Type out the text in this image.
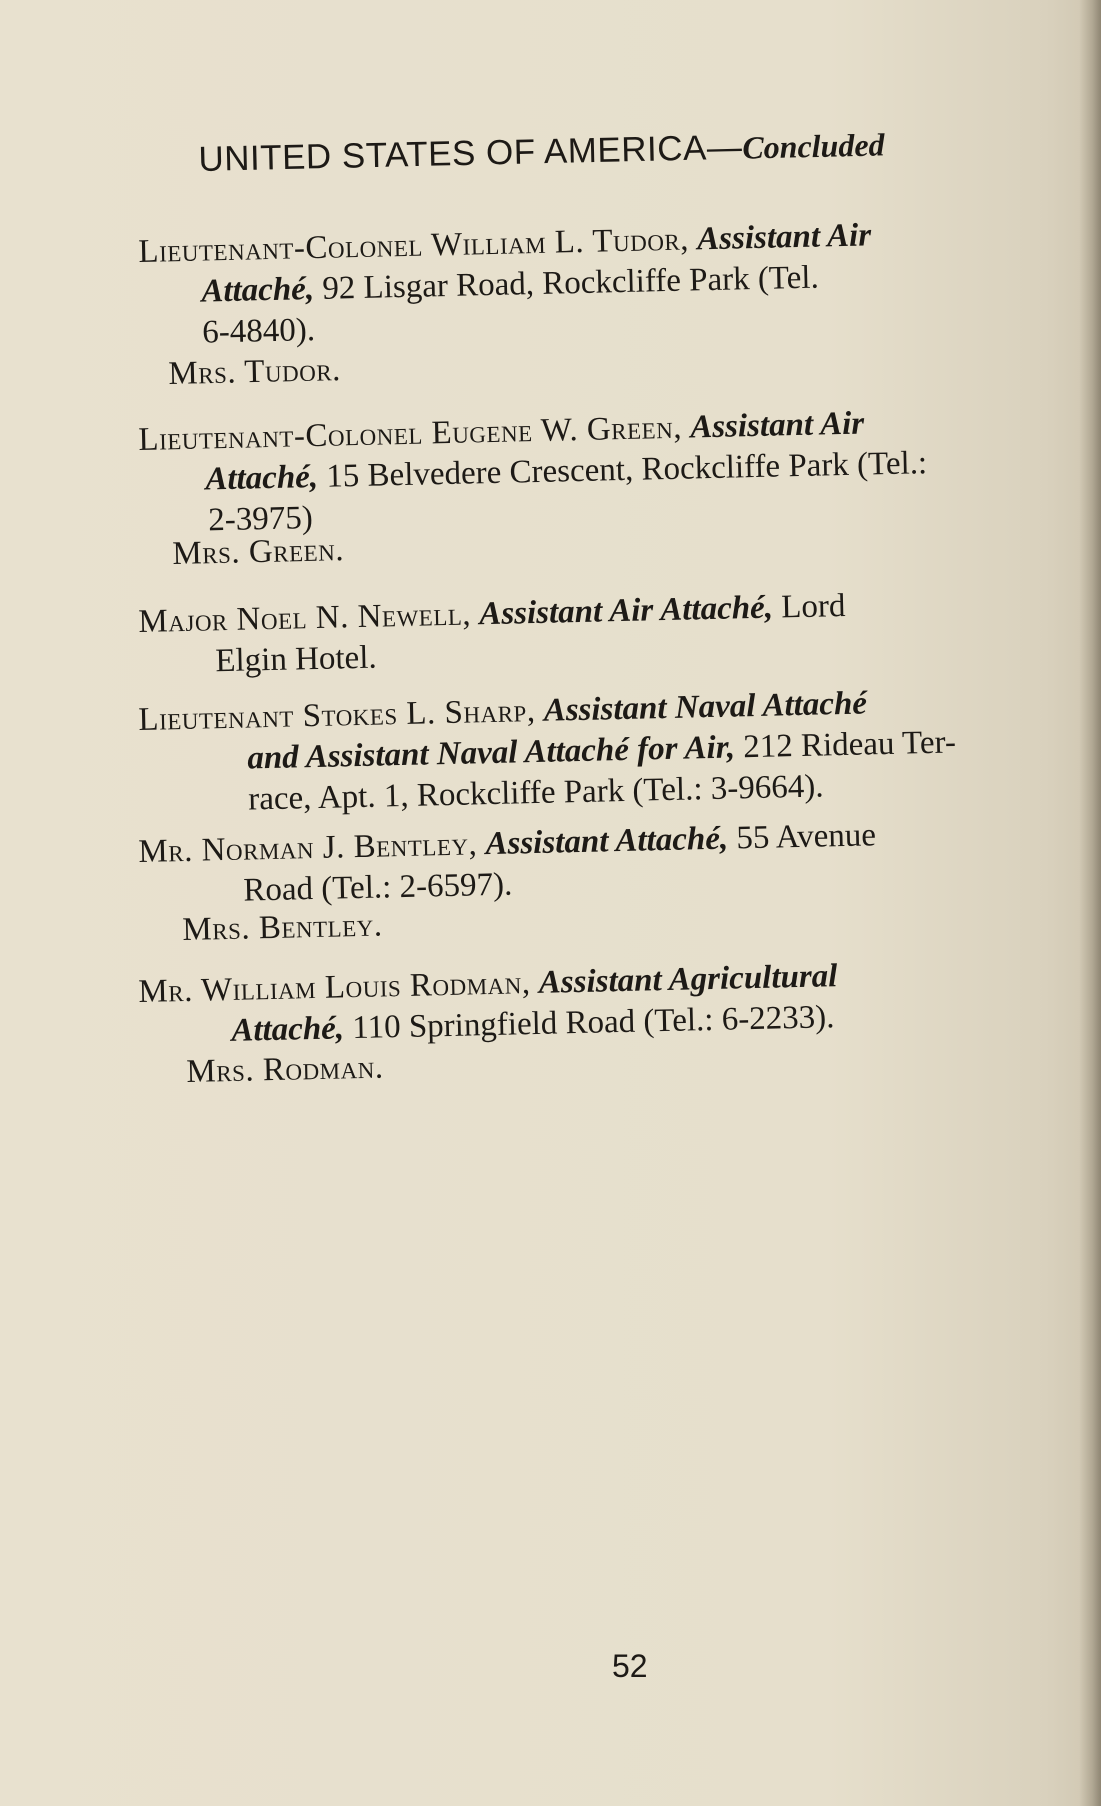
UNITED STATES OF AMERICA—Concluded
Lieutenant-Colonel William L. Tudor, Assistant Air
Attaché, 92 Lisgar Road, Rockcliffe Park (Tel.
6-4840).
Mrs. Tudor.
Lieutenant-Colonel Eugene W. Green, Assistant Air
Attaché, 15 Belvedere Crescent, Rockcliffe Park (Tel.:
2-3975)
Mrs. Green.
Major Noel N. Newell, Assistant Air Attaché, Lord
Elgin Hotel.
Lieutenant Stokes L. Sharp, Assistant Naval Attaché
and Assistant Naval Attaché for Air, 212 Rideau Ter-
race, Apt. 1, Rockcliffe Park (Tel.: 3-9664).
Mr. Norman J. Bentley, Assistant Attaché, 55 Avenue
Road (Tel.: 2-6597).
Mrs. Bentley.
Mr. William Louis Rodman, Assistant Agricultural
Attaché, 110 Springfield Road (Tel.: 6-2233).
Mrs. Rodman.
52
